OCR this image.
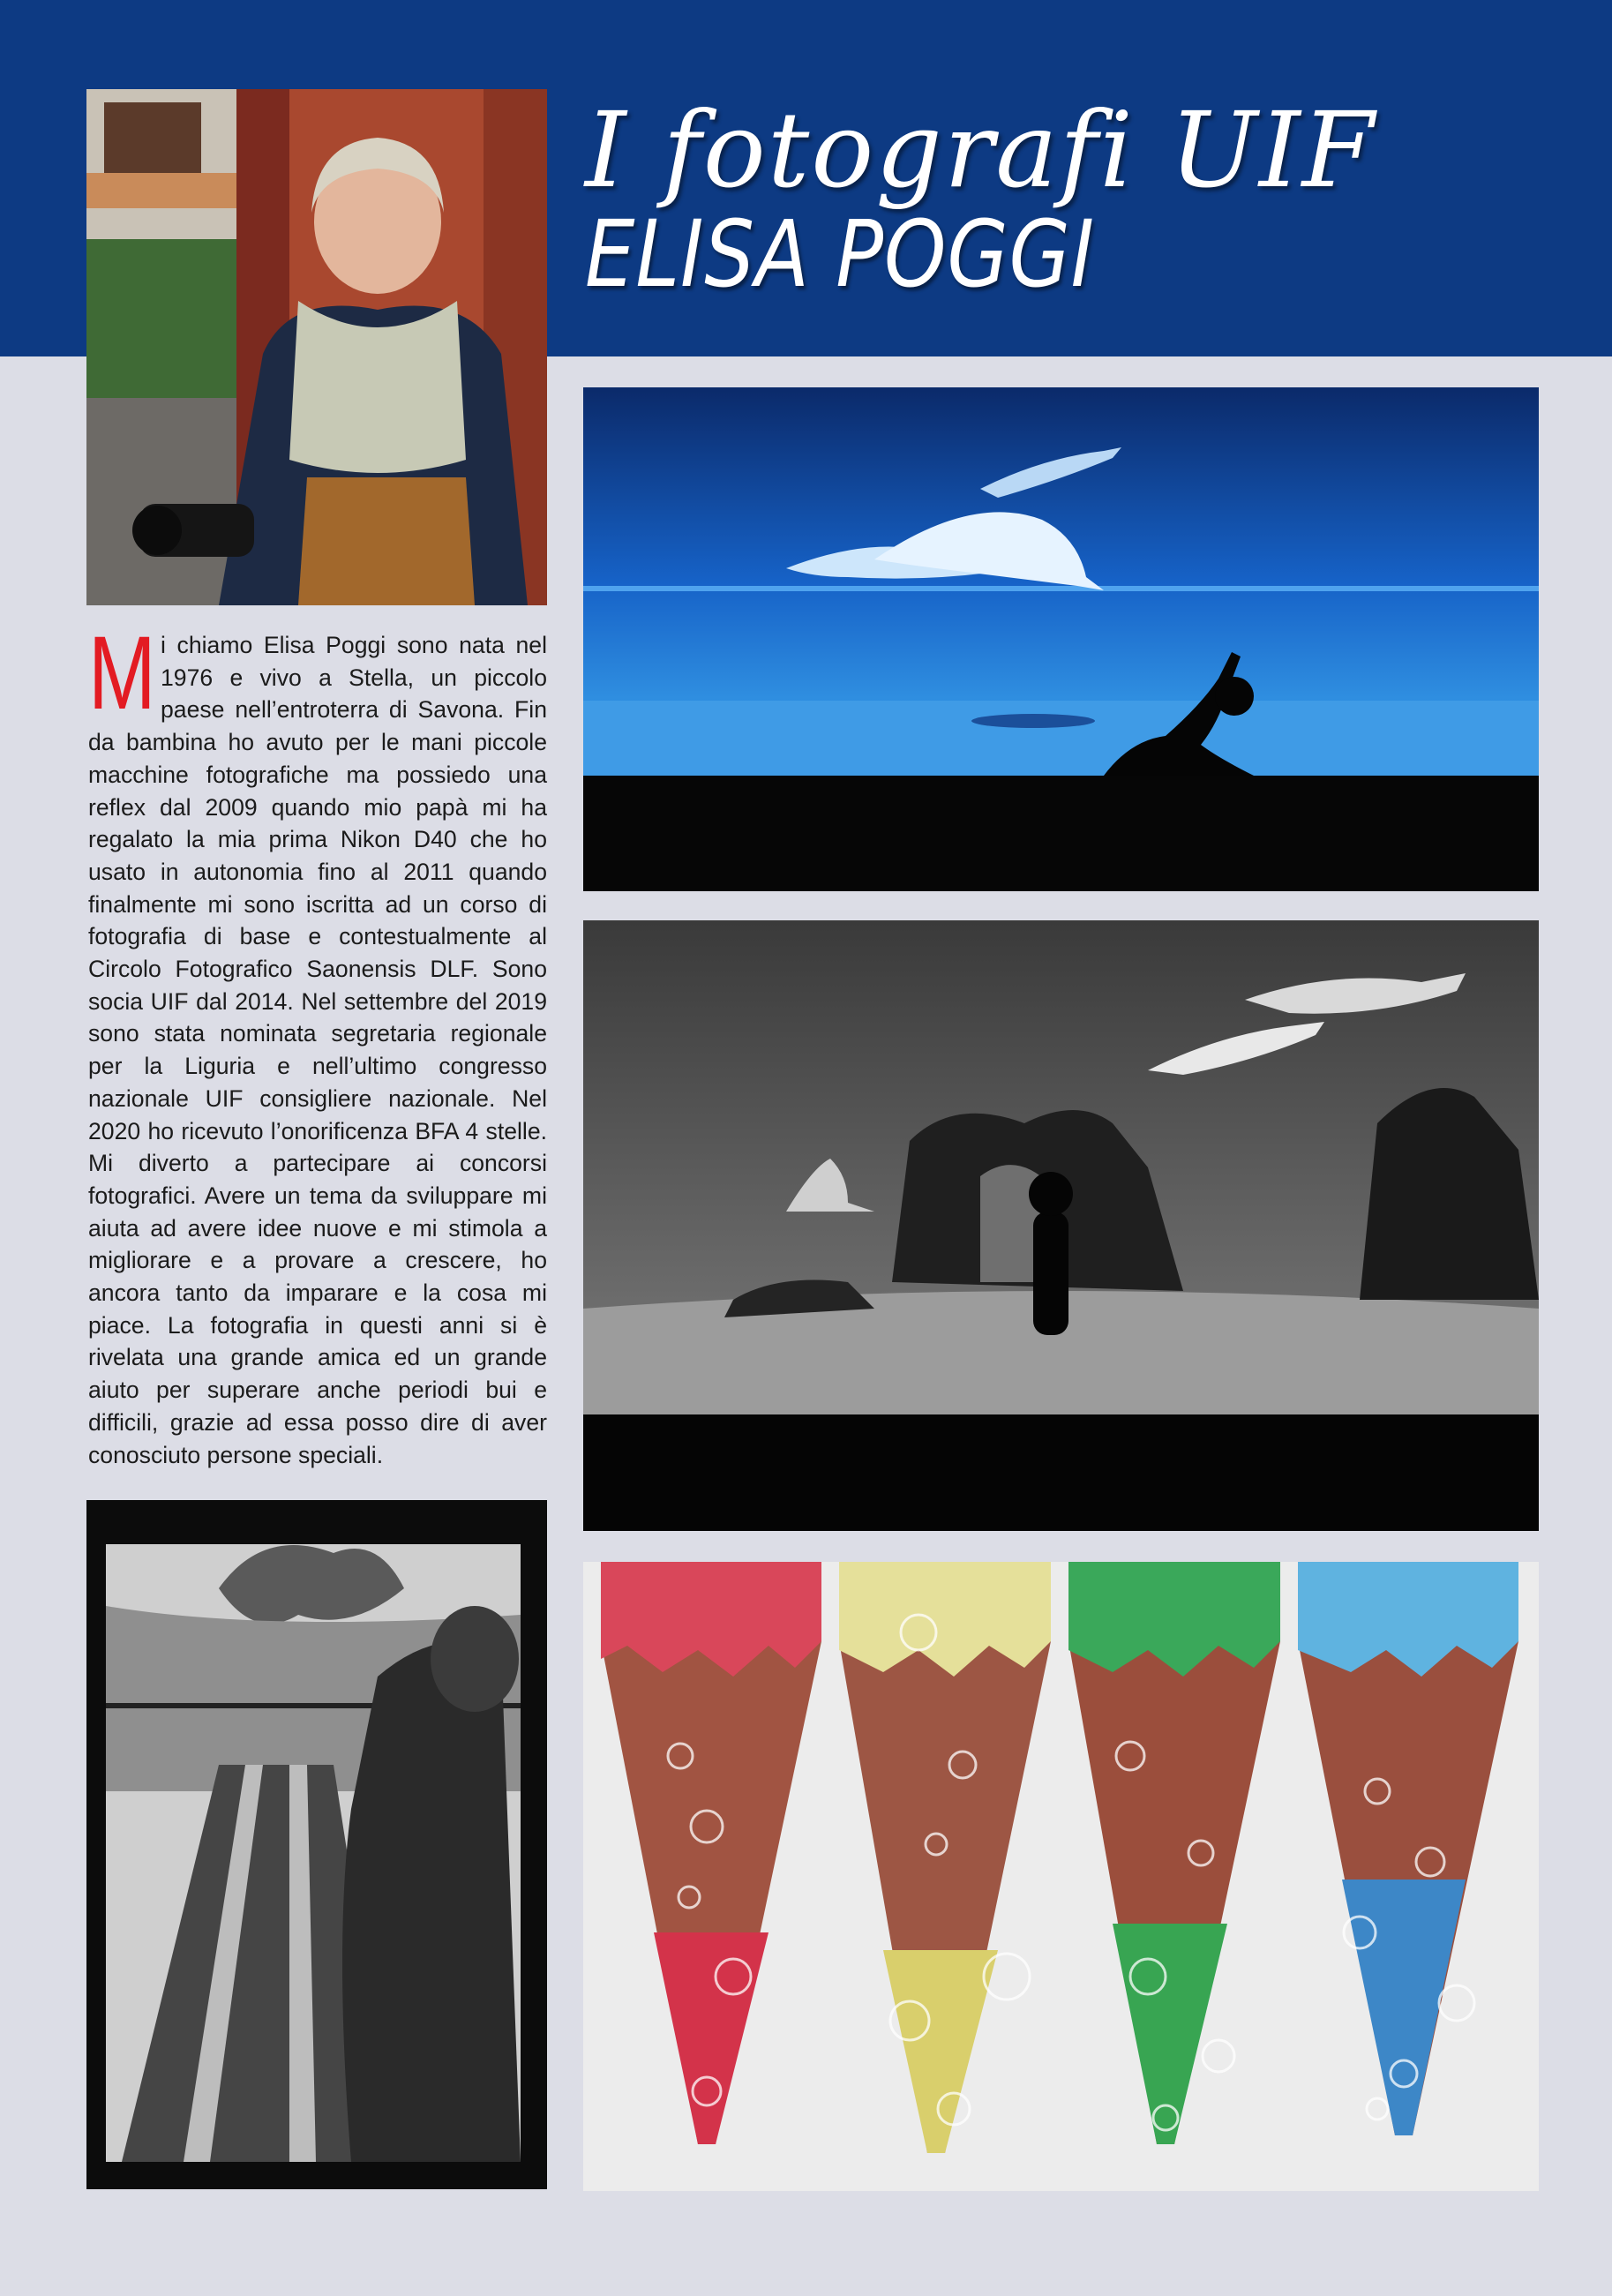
I fotografi UIF
ELISA POGGI
Mi chiamo Elisa Poggi sono nata nel 1976 e vivo a Stella, un piccolo paese nell’entroterra di Savona. Fin da bambina ho avuto per le mani piccole macchine fotografiche ma possiedo una reflex dal 2009 quando mio papà mi ha regalato la mia prima Nikon D40 che ho usato in autonomia fino al 2011 quando finalmente mi sono iscritta ad un corso di fotografia di base e contestualmente al Circolo Fotografico Saonensis DLF. Sono socia UIF dal 2014. Nel settembre del 2019 sono stata nominata segretaria regionale per la Liguria e nell’ultimo congresso nazionale UIF consigliere nazionale. Nel 2020 ho ricevuto l’onorificenza BFA 4 stelle. Mi diverto a partecipare ai concorsi fotografici. Avere un tema da sviluppare mi aiuta ad avere idee nuove e mi stimola a migliorare e a provare a crescere, ho ancora tanto da imparare e la cosa mi piace. La fotografia in questi anni si è rivelata una grande amica ed un grande aiuto per superare anche periodi bui e difficili, grazie ad essa posso dire di aver conosciuto persone speciali.
